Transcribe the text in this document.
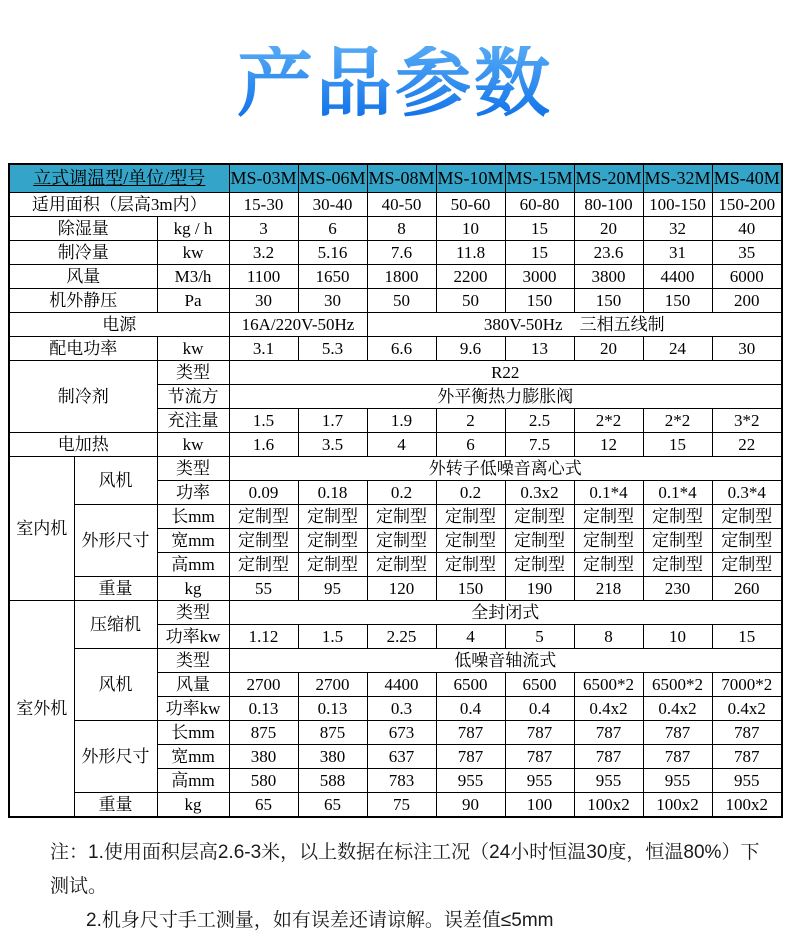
产品参数
立式调温型/单位/型号			MS-03M	MS-06M	MS-08M	MS-10M	MS-15M	MS-20M	MS-32M	MS-40M
适用面积（层高3m内）			15-30	30-40	40-50	50-60	60-80	80-100	100-150	150-200
除湿量		kg / h	3	6	8	10	15	20	32	40
制冷量		kw	3.2	5.16	7.6	11.8	15	23.6	31	35
风量		M3/h	1100	1650	1800	2200	3000	3800	4400	6000
机外静压		Pa	30	30	50	50	150	150	150	200
电源			16A/220V-50Hz		380V-50Hz　三相五线制					
配电功率		kw	3.1	5.3	6.6	9.6	13	20	24	30
制冷剂		类型	R22							
		节流方	外平衡热力膨胀阀							
		充注量	1.5	1.7	1.9	2	2.5	2*2	2*2	3*2
电加热		kw	1.6	3.5	4	6	7.5	12	15	22
室内机	风机	类型	外转子低噪音离心式							
		功率	0.09	0.18	0.2	0.2	0.3x2	0.1*4	0.1*4	0.3*4
	外形尺寸	长mm	定制型	定制型	定制型	定制型	定制型	定制型	定制型	定制型
		宽mm	定制型	定制型	定制型	定制型	定制型	定制型	定制型	定制型
		高mm	定制型	定制型	定制型	定制型	定制型	定制型	定制型	定制型
	重量	kg	55	95	120	150	190	218	230	260
室外机	压缩机	类型	全封闭式							
		功率kw	1.12	1.5	2.25	4	5	8	10	15
	风机	类型	低噪音轴流式							
		风量	2700	2700	4400	6500	6500	6500*2	6500*2	7000*2
		功率kw	0.13	0.13	0.3	0.4	0.4	0.4x2	0.4x2	0.4x2
	外形尺寸	长mm	875	875	673	787	787	787	787	787
		宽mm	380	380	637	787	787	787	787	787
		高mm	580	588	783	955	955	955	955	955
	重量	kg	65	65	75	90	100	100x2	100x2	100x2
注：1.使用面积层高2.6-3米，以上数据在标注工况（24小时恒温30度，恒温80%）下测试。
2.机身尺寸手工测量，如有误差还请谅解。误差值≤5mm
